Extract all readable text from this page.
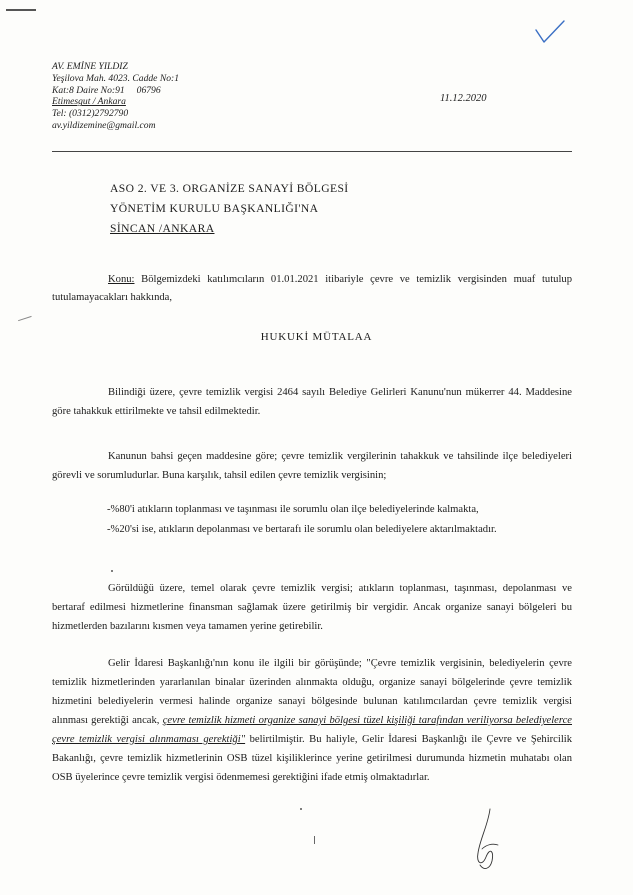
AV. EMİNE YILDIZ
Yeşilova Mah. 4023. Cadde No:1
Kat:8 Daire No:91     06796
Etimesgut / Ankara
Tel: (0312)2792790
av.yildizemine@gmail.com
11.12.2020
ASO 2. VE 3. ORGANİZE SANAYİ BÖLGESİ
YÖNETİM KURULU BAŞKANLIĞI'NA
SİNCAN /ANKARA
Konu: Bölgemizdeki katılımcıların 01.01.2021 itibariyle çevre ve temizlik vergisinden muaf tutulup tutulamayacakları hakkında,
HUKUKİ MÜTALAA
Bilindiği üzere, çevre temizlik vergisi 2464 sayılı Belediye Gelirleri Kanunu'nun mükerrer 44. Maddesine göre tahakkuk ettirilmekte ve tahsil edilmektedir.
Kanunun bahsi geçen maddesine göre; çevre temizlik vergilerinin tahakkuk ve tahsilinde ilçe belediyeleri görevli ve sorumludurlar. Buna karşılık, tahsil edilen çevre temizlik vergisinin;
-%80'i atıkların toplanması ve taşınması ile sorumlu olan ilçe belediyelerinde kalmakta,
-%20'si ise, atıkların depolanması ve bertarafı ile sorumlu olan belediyelere aktarılmaktadır.
Görüldüğü üzere, temel olarak çevre temizlik vergisi; atıkların toplanması, taşınması, depolanması ve bertaraf edilmesi hizmetlerine finansman sağlamak üzere getirilmiş bir vergidir. Ancak organize sanayi bölgeleri bu hizmetlerden bazılarını kısmen veya tamamen yerine getirebilir.
Gelir İdaresi Başkanlığı'nın konu ile ilgili bir görüşünde; "Çevre temizlik vergisinin, belediyelerin çevre temizlik hizmetlerinden yararlanılan binalar üzerinden alınmakta olduğu, organize sanayi bölgelerinde çevre temizlik hizmetini belediyelerin vermesi halinde organize sanayi bölgesinde bulunan katılımcılardan çevre temizlik vergisi alınması gerektiği ancak, çevre temizlik hizmeti organize sanayi bölgesi tüzel kişiliği tarafından veriliyorsa belediyelerce çevre temizlik vergisi alınmaması gerektiği" belirtilmiştir. Bu haliyle, Gelir İdaresi Başkanlığı ile Çevre ve Şehircilik Bakanlığı, çevre temizlik hizmetlerinin OSB tüzel kişiliklerince yerine getirilmesi durumunda hizmetin muhatabı olan OSB üyelerince çevre temizlik vergisi ödenmemesi gerektiğini ifade etmiş olmaktadırlar.
